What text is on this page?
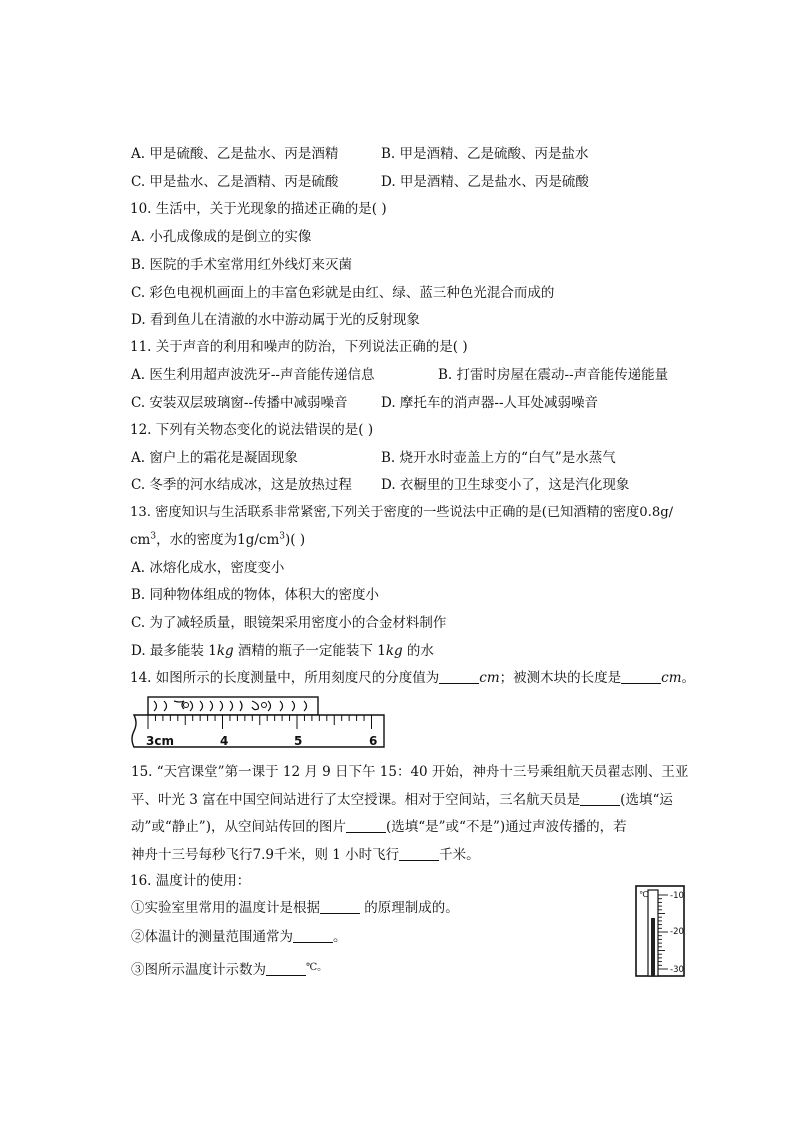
A. 甲是硫酸、乙是盐水、丙是酒精	B. 甲是酒精、乙是硫酸、丙是盐水
C. 甲是盐水、乙是酒精、丙是硫酸	D. 甲是酒精、乙是盐水、丙是硫酸
10. 生活中，关于光现象的描述正确的是( )
A. 小孔成像成的是倒立的实像
B. 医院的手术室常用红外线灯来灭菌
C. 彩色电视机画面上的丰富色彩就是由红、绿、蓝三种色光混合而成的
D. 看到鱼儿在清澈的水中游动属于光的反射现象
11. 关于声音的利用和噪声的防治，下列说法正确的是( )
A. 医生利用超声波洗牙--声音能传递信息	B. 打雷时房屋在震动--声音能传递能量
C. 安装双层玻璃窗--传播中减弱噪音 D. 摩托车的消声器--人耳处减弱噪音
12. 下列有关物态变化的说法错误的是( )
A. 窗户上的霜花是凝固现象	B. 烧开水时壶盖上方的“白气”是水蒸气
C. 冬季的河水结成冰，这是放热过程 D. 衣橱里的卫生球变小了，这是汽化现象
13. 密度知识与生活联系非常紧密,下列关于密度的一些说法中正确的是(已知酒精的密度0.8g/
$cm^3$，水的密度为$1g/cm^3$)( )
A. 冰熔化成水，密度变小
B. 同种物体组成的物体，体积大的密度小
C. 为了减轻质量，眼镜架采用密度小的合金材料制作
D. 最多能装 1kg 酒精的瓶子一定能装下 1kg 的水
14. 如图所示的长度测量中，所用刻度尺的分度值为	cm；被测木块的长度是	cm。
3cm	4	5	6
15. “天宫课堂”第一课于 12 月 9 日下午 15：40 开始，神舟十三号乘组航天员翟志刚、王亚
平、叶光 3 富在中国空间站进行了太空授课。相对于空间站，三名航天员是	(选填“运
动”或“静止”)，从空间站传回的图片	(选填“是”或“不是”)通过声波传播的，若
神舟十三号每秒飞行7.9千米，则 1 小时飞行	千米。
16. 温度计的使用：
①实验室里常用的温度计是根据	的原理制成的。
②体温计的测量范围通常为	。
③图所示温度计示数为	℃。
℃	-10
-20
-30
